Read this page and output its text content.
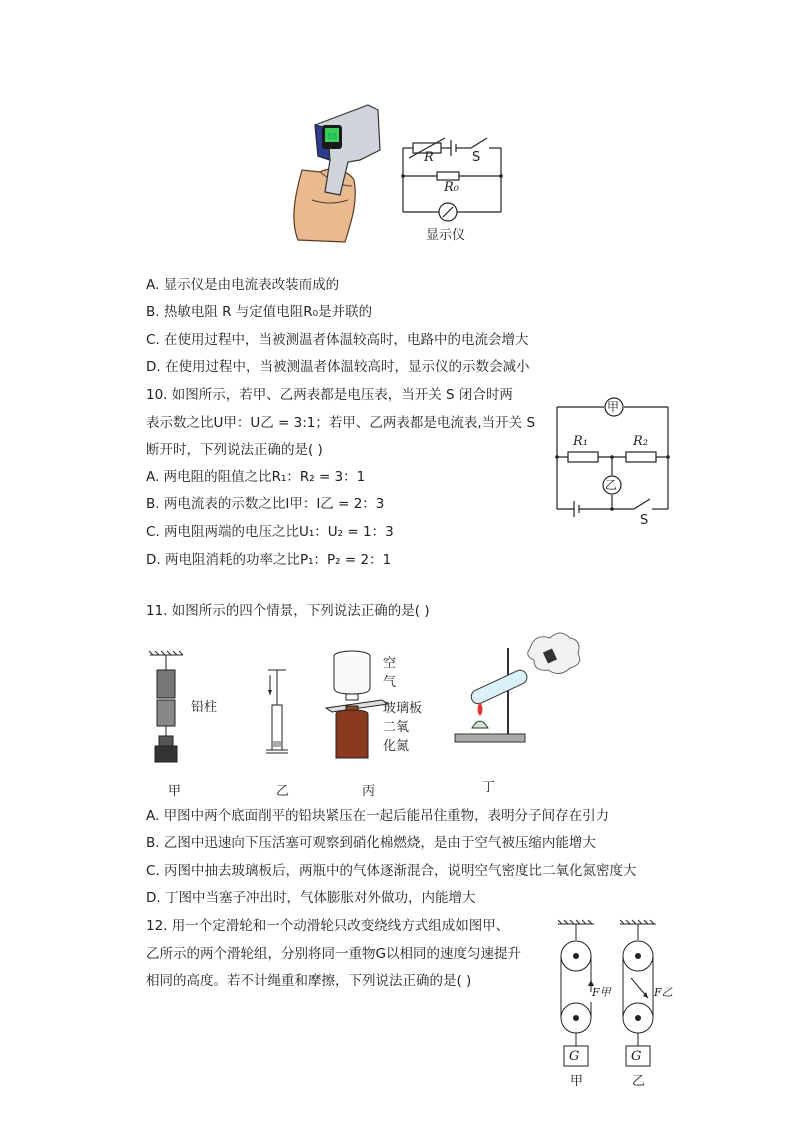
88
R	S
R₀
显示仪
A. 显示仪是由电流表改装而成的
B. 热敏电阻 R 与定值电阻R₀是并联的
C. 在使用过程中，当被测温者体温较高时，电路中的电流会增大
D. 在使用过程中，当被测温者体温较高时，显示仪的示数会减小
10. 如图所示，若甲、乙两表都是电压表，当开关 S 闭合时两
表示数之比U甲：U乙 = 3:1；若甲、乙两表都是电流表,当开关 S
断开时，下列说法正确的是( )
A. 两电阻的阻值之比R₁：R₂ = 3：1
B. 两电流表的示数之比I甲：I乙 = 2：3
C. 两电阻两端的电压之比U₁：U₂ = 1：3
D. 两电阻消耗的功率之比P₁：P₂ = 2：1
甲
乙
R₁	R₂
S
11. 如图所示的四个情景，下列说法正确的是( )
铅柱
甲	乙
空
气
玻璃板
二氧
化氮
丙	丁
A. 甲图中两个底面削平的铅块紧压在一起后能吊住重物，表明分子间存在引力
B. 乙图中迅速向下压活塞可观察到硝化棉燃烧，是由于空气被压缩内能增大
C. 丙图中抽去玻璃板后，两瓶中的气体逐渐混合，说明空气密度比二氧化氮密度大
D. 丁图中当塞子冲出时，气体膨胀对外做功，内能增大
12. 用一个定滑轮和一个动滑轮只改变绕线方式组成如图甲、
乙所示的两个滑轮组，分别将同一重物G以相同的速度匀速提升
相同的高度。若不计绳重和摩擦，下列说法正确的是( )
G	G
F甲	F乙
甲	乙
